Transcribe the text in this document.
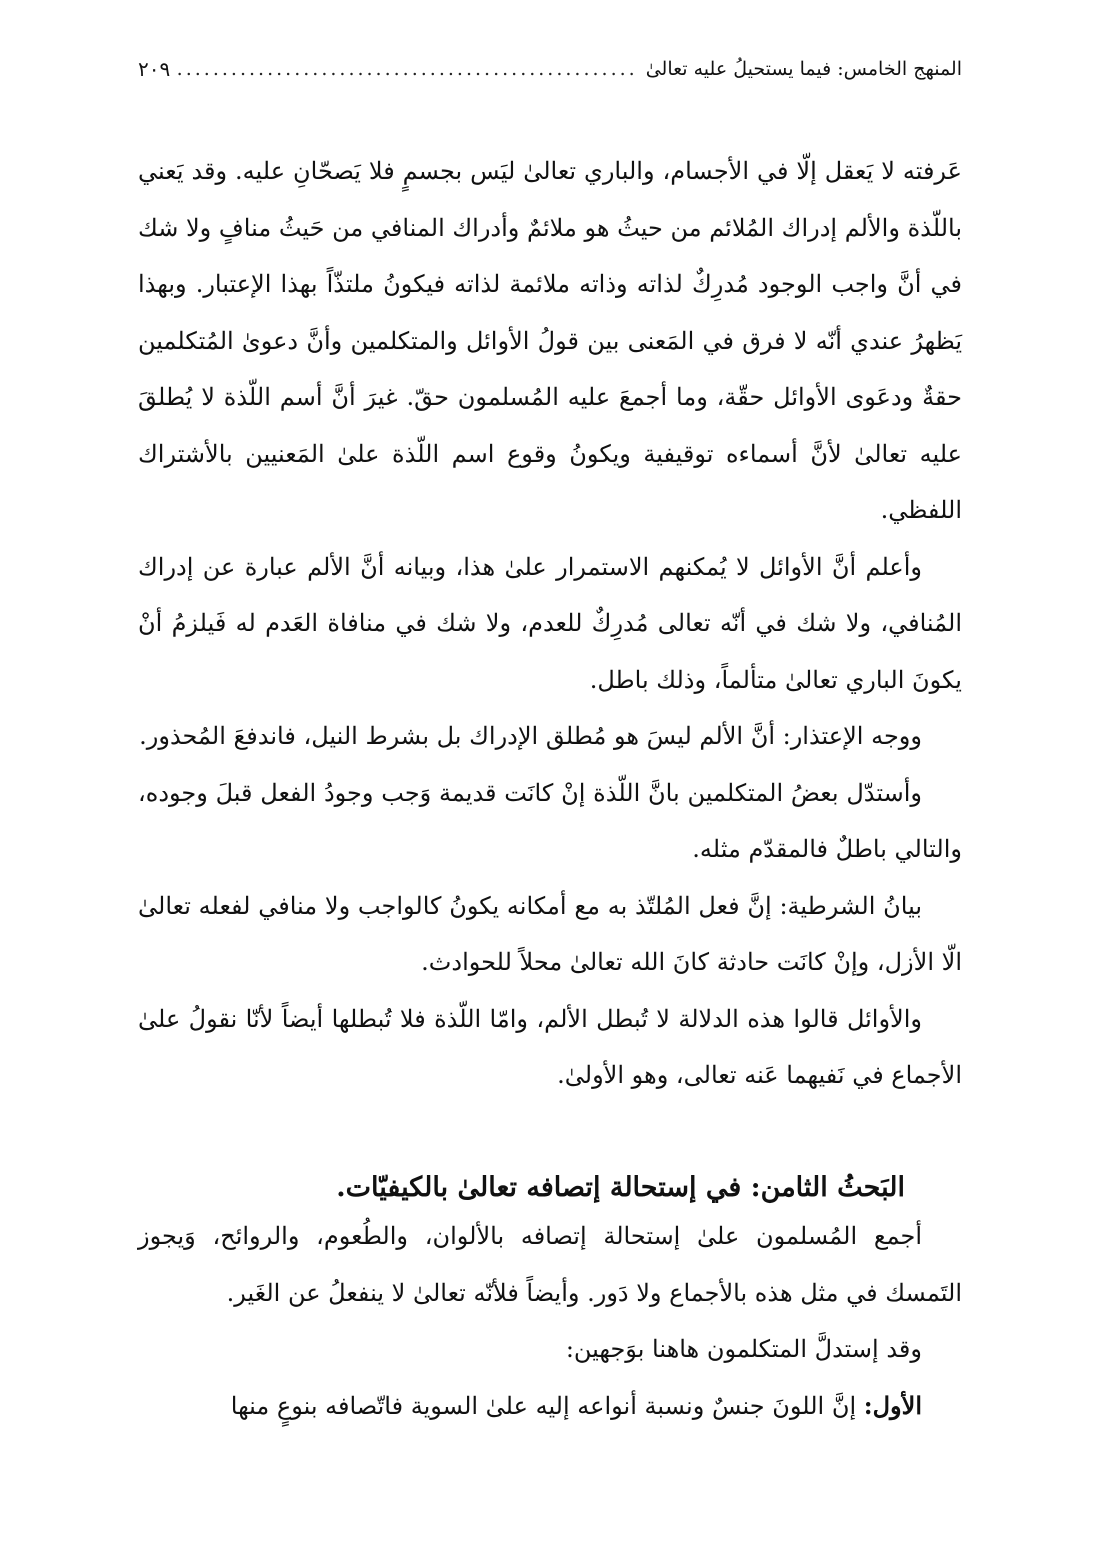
المنهج الخامس: فيما يستحيلُ عليه تعالىٰ
.....
٢٠٩

عَرفته لا يَعقل إلّا في الأجسام، والباري تعالىٰ ليَس بجسمٍ فلا يَصحّانِ عليه. وقد يَعني باللّذة والألم إدراك المُلائم من حيثُ هو ملائمٌ وأدراك المنافي من حَيثُ منافٍ ولا شك في أنَّ واجب الوجود مُدرِكٌ لذاته وذاته ملائمة لذاته فيكونُ ملتذّاً بهذا الإعتبار. وبهذا يَظهرُ عندي أنّه لا فرق في المَعنى بين قولُ الأوائل والمتكلمين وأنَّ دعوىٰ المُتكلمين حقةٌ ودعَوى الأوائل حقّة، وما أجمعَ عليه المُسلمون حقّ. غيرَ أنَّ أسم اللّذة لا يُطلقَ عليه تعالىٰ لأنَّ أسماءه توقيفية ويكونُ وقوع اسم اللّذة علىٰ المَعنيين بالأشتراك اللفظي.

وأعلم أنَّ الأوائل لا يُمكنهم الاستمرار علىٰ هذا، وبيانه أنَّ الألم عبارة عن إدراك المُنافي، ولا شك في أنّه تعالى مُدرِكٌ للعدم، ولا شك في منافاة العَدم له فَيلزمُ أنْ يكونَ الباري تعالىٰ متألماً، وذلك باطل.

ووجه الإعتذار: أنَّ الألم ليسَ هو مُطلق الإدراك بل بشرط النيل، فاندفعَ المُحذور.

وأستدّل بعضُ المتكلمين بانَّ اللّذة إنْ كانَت قديمة وَجب وجودُ الفعل قبلَ وجوده، والتالي باطلٌ فالمقدّم مثله.

بيانُ الشرطية: إنَّ فعل المُلتّذ به مع أمكانه يكونُ كالواجب ولا منافي لفعله تعالىٰ الّا الأزل، وإنْ كانَت حادثة كانَ الله تعالىٰ محلاً للحوادث.

والأوائل قالوا هذه الدلالة لا تُبطل الألم، وامّا اللّذة فلا تُبطلها أيضاً لأنّا نقولُ علىٰ الأجماع في نَفيهما عَنه تعالى، وهو الأولىٰ.

البَحثُ الثامن: في إستحالة إتصافه تعالىٰ بالكيفيّات.

أجمع المُسلمون علىٰ إستحالة إتصافه بالألوان، والطُعوم، والروائح، وَيجوز التَمسك في مثل هذه بالأجماع ولا دَور. وأيضاً فلأنّه تعالىٰ لا ينفعلُ عن الغَير.

وقد إستدلَّ المتكلمون هاهنا بوَجهين:

الأول: إنَّ اللونَ جنسٌ ونسبة أنواعه إليه علىٰ السوية فاتّصافه بنوعٍ منها
